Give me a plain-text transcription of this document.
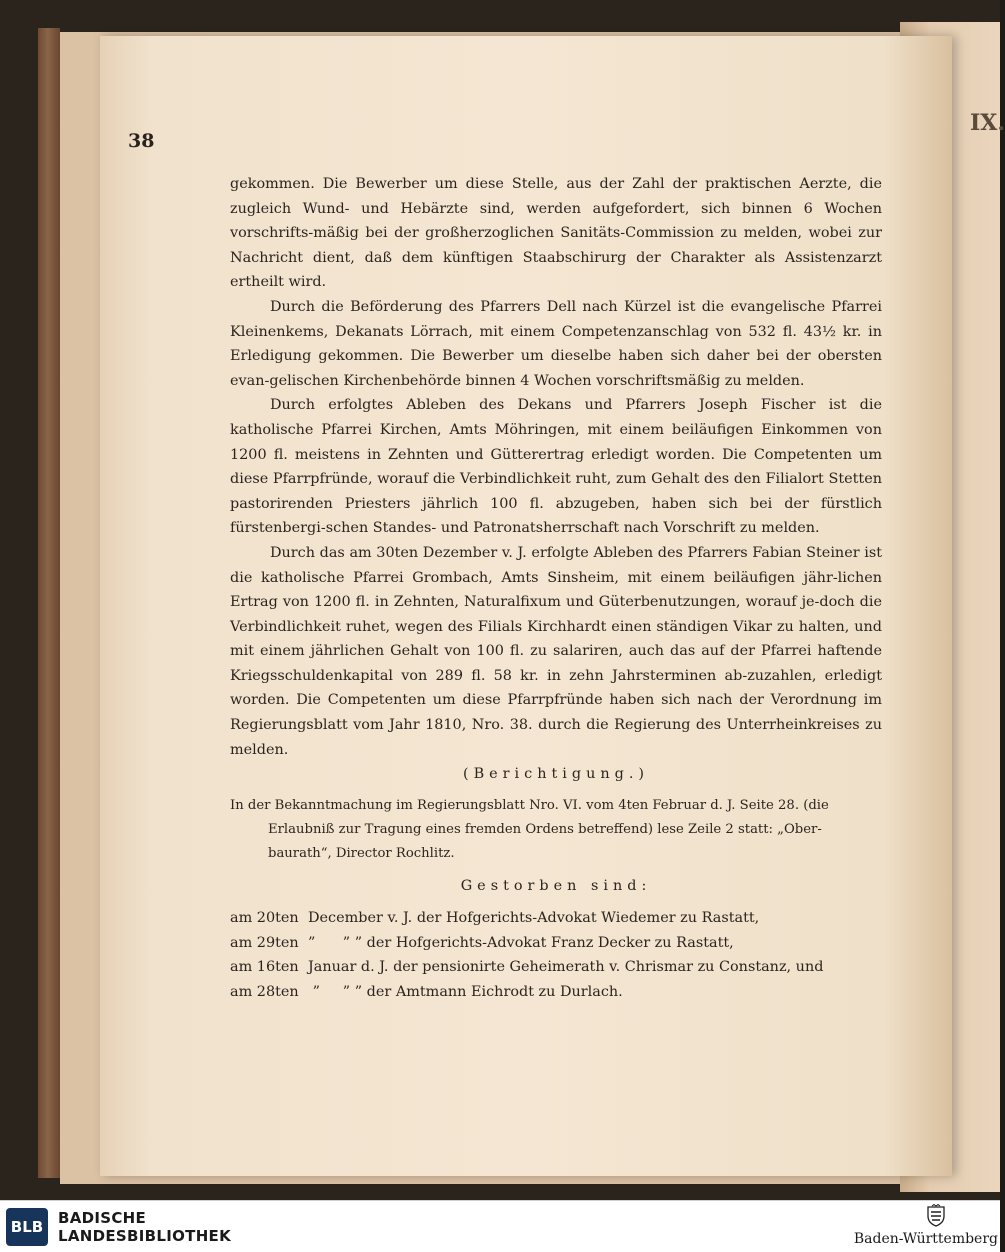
IX.
38

gekommen. Die Bewerber um diese Stelle, aus der Zahl der praktischen Aerzte, die zugleich Wund- und Hebärzte sind, werden aufgefordert, sich binnen 6 Wochen vorschrifts-mäßig bei der großherzoglichen Sanitäts-Commission zu melden, wobei zur Nachricht dient, daß dem künftigen Staabschirurg der Charakter als Assistenzarzt ertheilt wird.

Durch die Beförderung des Pfarrers Dell nach Kürzel ist die evangelische Pfarrei Kleinenkems, Dekanats Lörrach, mit einem Competenzanschlag von 532 fl. 43½ kr. in Erledigung gekommen. Die Bewerber um dieselbe haben sich daher bei der obersten evan-gelischen Kirchenbehörde binnen 4 Wochen vorschriftsmäßig zu melden.

Durch erfolgtes Ableben des Dekans und Pfarrers Joseph Fischer ist die katholische Pfarrei Kirchen, Amts Möhringen, mit einem beiläufigen Einkommen von 1200 fl. meistens in Zehnten und Gütterertrag erledigt worden. Die Competenten um diese Pfarrpfründe, worauf die Verbindlichkeit ruht, zum Gehalt des den Filialort Stetten pastorirenden Priesters jährlich 100 fl. abzugeben, haben sich bei der fürstlich fürstenbergi-schen Standes- und Patronatsherrschaft nach Vorschrift zu melden.

Durch das am 30ten Dezember v. J. erfolgte Ableben des Pfarrers Fabian Steiner ist die katholische Pfarrei Grombach, Amts Sinsheim, mit einem beiläufigen jähr-lichen Ertrag von 1200 fl. in Zehnten, Naturalfixum und Güterbenutzungen, worauf je-doch die Verbindlichkeit ruhet, wegen des Filials Kirchhardt einen ständigen Vikar zu halten, und mit einem jährlichen Gehalt von 100 fl. zu salariren, auch das auf der Pfarrei haftende Kriegsschuldenkapital von 289 fl. 58 kr. in zehn Jahrsterminen ab-zuzahlen, erledigt worden. Die Competenten um diese Pfarrpfründe haben sich nach der Verordnung im Regierungsblatt vom Jahr 1810, Nro. 38. durch die Regierung des Unterrheinkreises zu melden.

(Berichtigung.)
In der Bekanntmachung im Regierungsblatt Nro. VI. vom 4ten Februar d. J. Seite 28. (die
Erlaubniß zur Tragung eines fremden Ordens betreffend) lese Zeile 2 statt: „Ober-
baurath“, Director Rochlitz.
Gestorben sind:
am 20ten December v. J. der Hofgerichts-Advokat Wiedemer zu Rastatt,
am 29ten ”      ” ” der Hofgerichts-Advokat Franz Decker zu Rastatt,
am 16ten Januar d. J. der pensionirte Geheimerath v. Chrismar zu Constanz, und
am 28ten ”     ” ” der Amtmann Eichrodt zu Durlach.
BLB BADISCHE
LANDESBIBLIOTHEK	Baden-Württemberg
